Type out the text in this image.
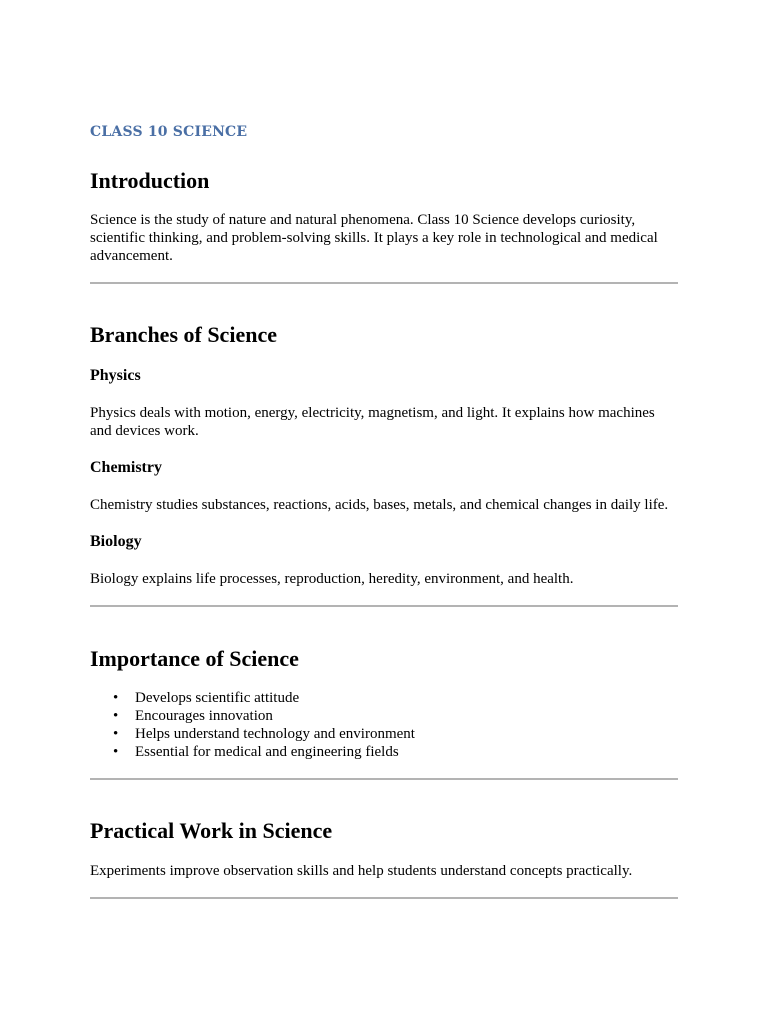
CLASS 10 SCIENCE
Introduction
Science is the study of nature and natural phenomena. Class 10 Science develops curiosity, scientific thinking, and problem-solving skills. It plays a key role in technological and medical advancement.
Branches of Science
Physics
Physics deals with motion, energy, electricity, magnetism, and light. It explains how machines and devices work.
Chemistry
Chemistry studies substances, reactions, acids, bases, metals, and chemical changes in daily life.
Biology
Biology explains life processes, reproduction, heredity, environment, and health.
Importance of Science
• Develops scientific attitude
• Encourages innovation
• Helps understand technology and environment
• Essential for medical and engineering fields
Practical Work in Science
Experiments improve observation skills and help students understand concepts practically.
